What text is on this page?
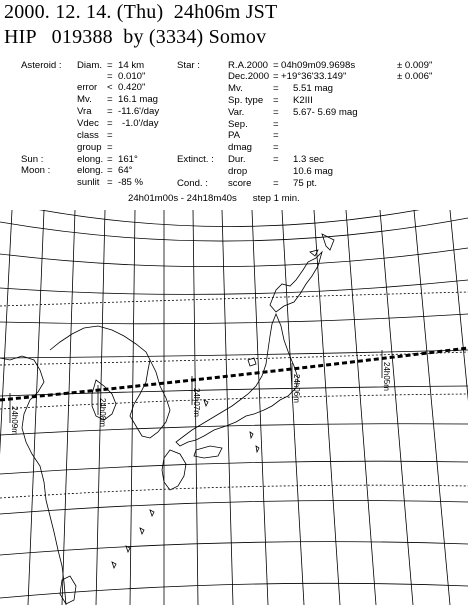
2000. 12. 14. (Thu)  24h06m JST
HIP   019388  by (3334) Somov
Asteroid : Diam. = 14 km
= 0.010"
error < 0.420"
Mv. = 16.1 mag
Vra = -11.6'/day
Vdec = -1.0'/day
class =
group =
Sun :	elong. = 161°
Moon :	elong. = 64°
sunlit = -85 %
Star :	R.A.2000 = 04h09m09.9698s	± 0.009"
Dec.2000 = +19°36'33.149"	± 0.006"
Mv.	= 5.51 mag
Sp. type = K2III
Var.	= 5.67- 5.69 mag
Sep.	=
PA	=
dmag =
Extinct. : Dur.	= 1.3 sec
drop	10.6 mag
Cond. : score = 75 pt.
24h01m00s - 24h18m40s      step 1 min.
24h05m
24h06m
24h07m
24h08m
24h09m
